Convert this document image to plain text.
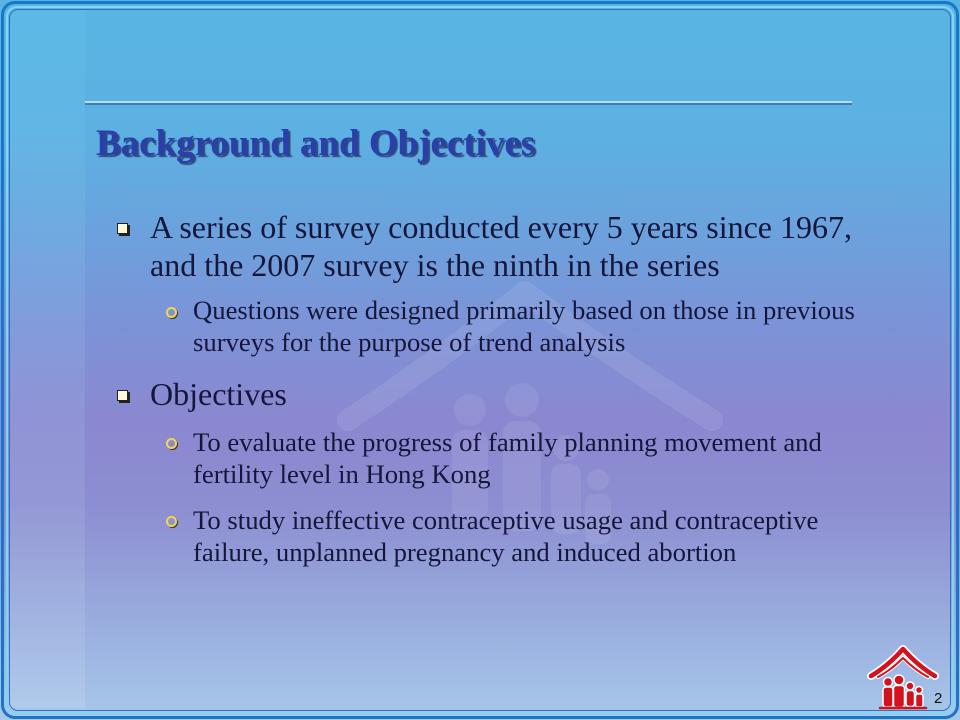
Background and Objectives
A series of survey conducted every 5 years since 1967,
and the 2007 survey is the ninth in the series
Questions were designed primarily based on those in previous
surveys for the purpose of trend analysis
Objectives
To evaluate the progress of family planning movement and
fertility level in Hong Kong
To study ineffective contraceptive usage and contraceptive
failure, unplanned pregnancy and induced abortion
2
